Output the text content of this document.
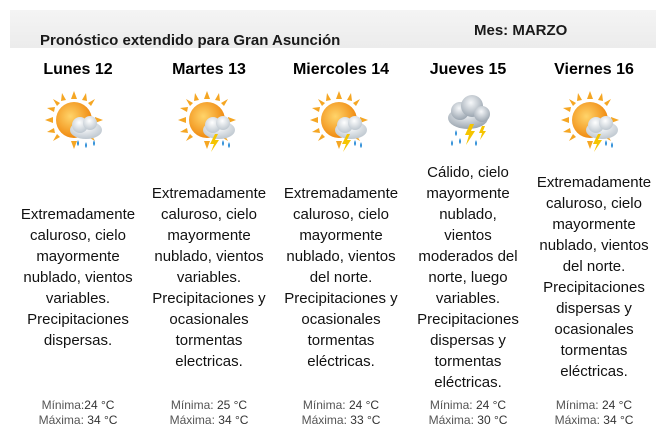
Pronóstico extendido para Gran Asunción
Mes: MARZO
Lunes 12
Extremadamente
caluroso, cielo
mayormente
nublado, vientos
variables.
Precipitaciones
dispersas.
Mínima:24 °C
Máxima: 34 °C
Martes 13
Extremadamente
caluroso, cielo
mayormente
nublado, vientos
variables.
Precipitaciones y
ocasionales
tormentas
electricas.
Mínima: 25 °C
Máxima: 34 °C
Miercoles 14
Extremadamente
caluroso, cielo
mayormente
nublado, vientos
del norte.
Precipitaciones y
ocasionales
tormentas
eléctricas.
Mínima: 24 °C
Máxima: 33 °C
Jueves 15
Cálido, cielo
mayormente
nublado,
vientos
moderados del
norte, luego
variables.
Precipitaciones
dispersas y
tormentas
eléctricas.
Mínima: 24 °C
Máxima: 30 °C
Viernes 16
Extremadamente
caluroso, cielo
mayormente
nublado, vientos
del norte.
Precipitaciones
dispersas y
ocasionales
tormentas
eléctricas.
Mínima: 24 °C
Máxima: 34 °C
